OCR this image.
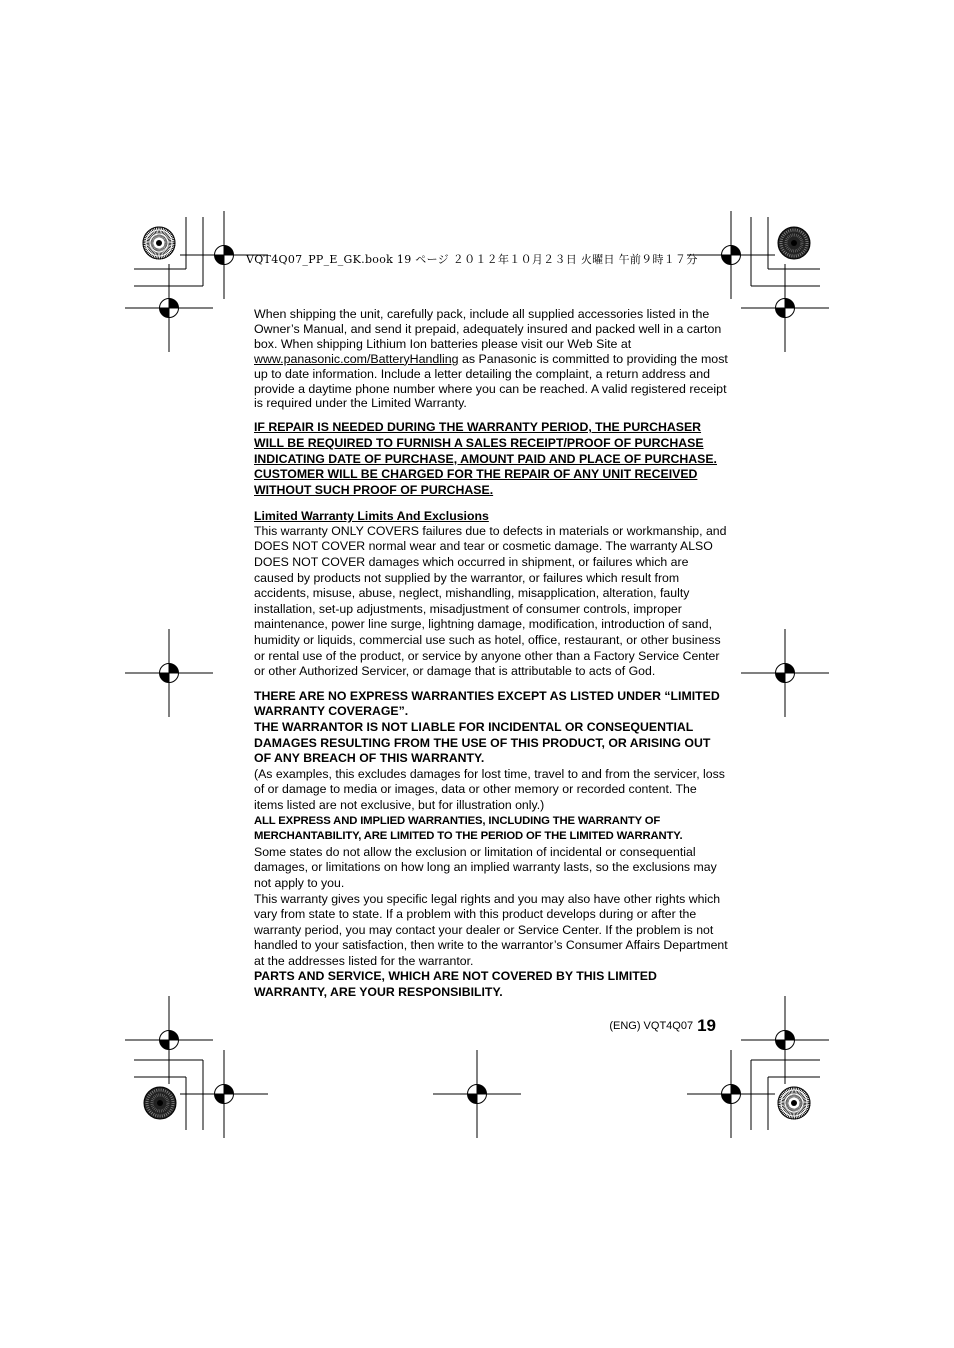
VQT4Q07_PP_E_GK.book 19 ページ ２０１２年１０月２３日 火曜日 午前９時１７分

When shipping the unit, carefully pack, include all supplied accessories listed in the Owner’s Manual, and send it prepaid, adequately insured and packed well in a carton box. When shipping Lithium Ion batteries please visit our Web Site at www.panasonic.com/BatteryHandling as Panasonic is committed to providing the most up to date information. Include a letter detailing the complaint, a return address and provide a daytime phone number where you can be reached. A valid registered receipt is required under the Limited Warranty.

IF REPAIR IS NEEDED DURING THE WARRANTY PERIOD, THE PURCHASER WILL BE REQUIRED TO FURNISH A SALES RECEIPT/PROOF OF PURCHASE INDICATING DATE OF PURCHASE, AMOUNT PAID AND PLACE OF PURCHASE. CUSTOMER WILL BE CHARGED FOR THE REPAIR OF ANY UNIT RECEIVED WITHOUT SUCH PROOF OF PURCHASE.

Limited Warranty Limits And Exclusions

This warranty ONLY COVERS failures due to defects in materials or workmanship, and DOES NOT COVER normal wear and tear or cosmetic damage. The warranty ALSO DOES NOT COVER damages which occurred in shipment, or failures which are caused by products not supplied by the warrantor, or failures which result from accidents, misuse, abuse, neglect, mishandling, misapplication, alteration, faulty installation, set-up adjustments, misadjustment of consumer controls, improper maintenance, power line surge, lightning damage, modification, introduction of sand, humidity or liquids, commercial use such as hotel, office, restaurant, or other business or rental use of the product, or service by anyone other than a Factory Service Center or other Authorized Servicer, or damage that is attributable to acts of God.

THERE ARE NO EXPRESS WARRANTIES EXCEPT AS LISTED UNDER “LIMITED WARRANTY COVERAGE”.

THE WARRANTOR IS NOT LIABLE FOR INCIDENTAL OR CONSEQUENTIAL DAMAGES RESULTING FROM THE USE OF THIS PRODUCT, OR ARISING OUT OF ANY BREACH OF THIS WARRANTY.

(As examples, this excludes damages for lost time, travel to and from the servicer, loss of or damage to media or images, data or other memory or recorded content. The items listed are not exclusive, but for illustration only.)

ALL EXPRESS AND IMPLIED WARRANTIES, INCLUDING THE WARRANTY OF MERCHANTABILITY, ARE LIMITED TO THE PERIOD OF THE LIMITED WARRANTY.

Some states do not allow the exclusion or limitation of incidental or consequential damages, or limitations on how long an implied warranty lasts, so the exclusions may not apply to you.

This warranty gives you specific legal rights and you may also have other rights which vary from state to state. If a problem with this product develops during or after the warranty period, you may contact your dealer or Service Center. If the problem is not handled to your satisfaction, then write to the warrantor’s Consumer Affairs Department at the addresses listed for the warrantor.

PARTS AND SERVICE, WHICH ARE NOT COVERED BY THIS LIMITED WARRANTY, ARE YOUR RESPONSIBILITY.

(ENG) VQT4Q07 19
